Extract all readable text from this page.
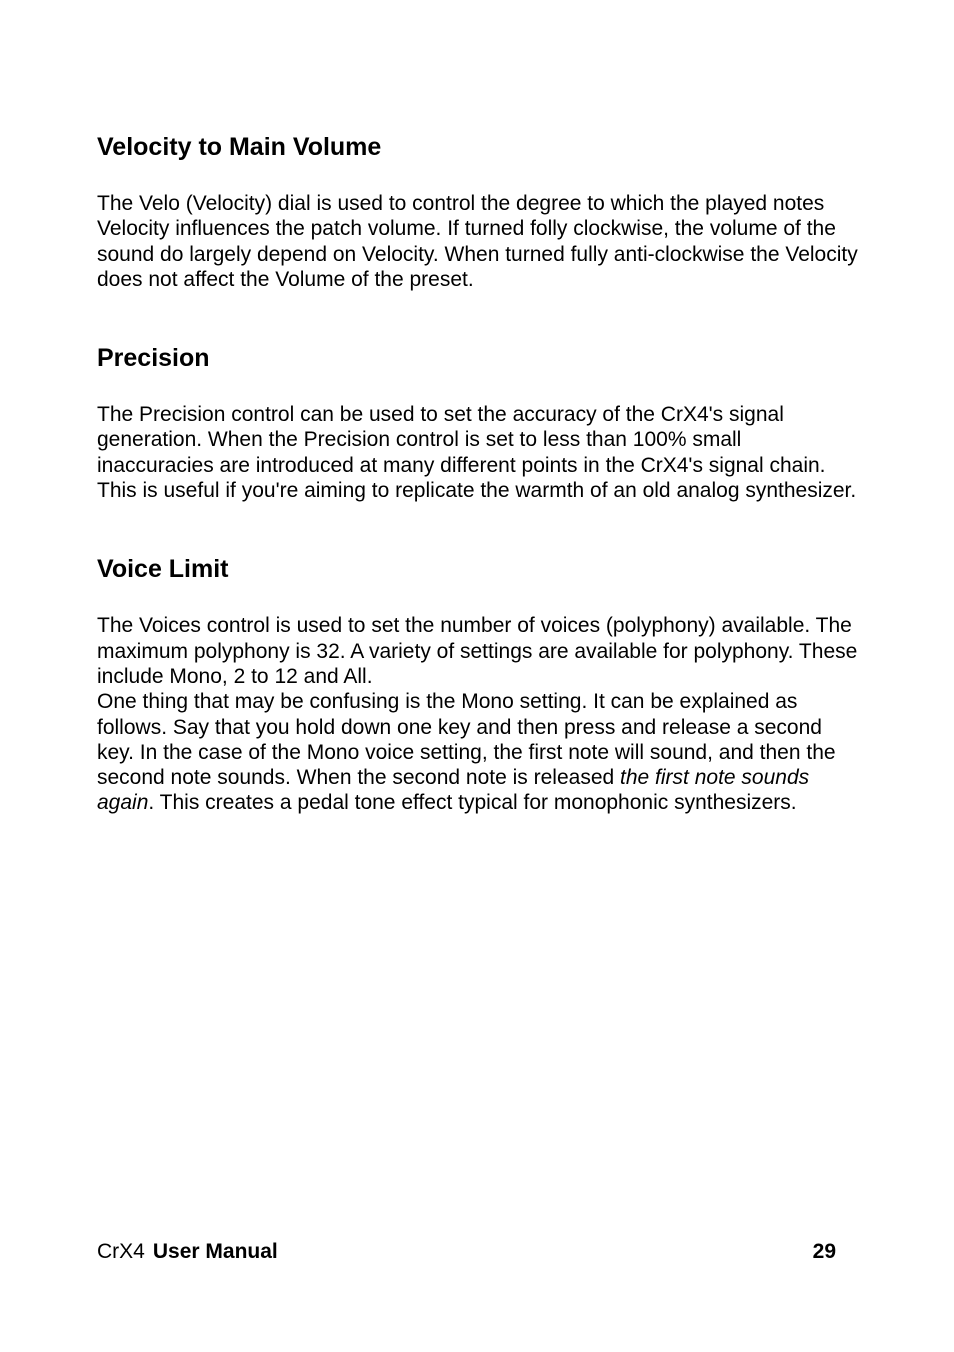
Velocity to Main Volume

The Velo (Velocity) dial is used to control the degree to which the played notes Velocity influences the patch volume. If turned folly clockwise, the volume of the sound do largely depend on Velocity. When turned fully anti-clockwise the Velocity does not affect the Volume of the preset.

Precision

The Precision control can be used to set the accuracy of the CrX4's signal generation. When the Precision control is set to less than 100% small inaccuracies are introduced at many different points in the CrX4's signal chain. This is useful if you're aiming to replicate the warmth of an old analog synthesizer.

Voice Limit

The Voices control is used to set the number of voices (polyphony) available. The maximum polyphony is 32. A variety of settings are available for polyphony. These include Mono, 2 to 12 and All.

One thing that may be confusing is the Mono setting. It can be explained as follows. Say that you hold down one key and then press and release a second key. In the case of the Mono voice setting, the first note will sound, and then the second note sounds. When the second note is released the first note sounds again. This creates a pedal tone effect typical for monophonic synthesizers.

CrX4 User Manual	29
